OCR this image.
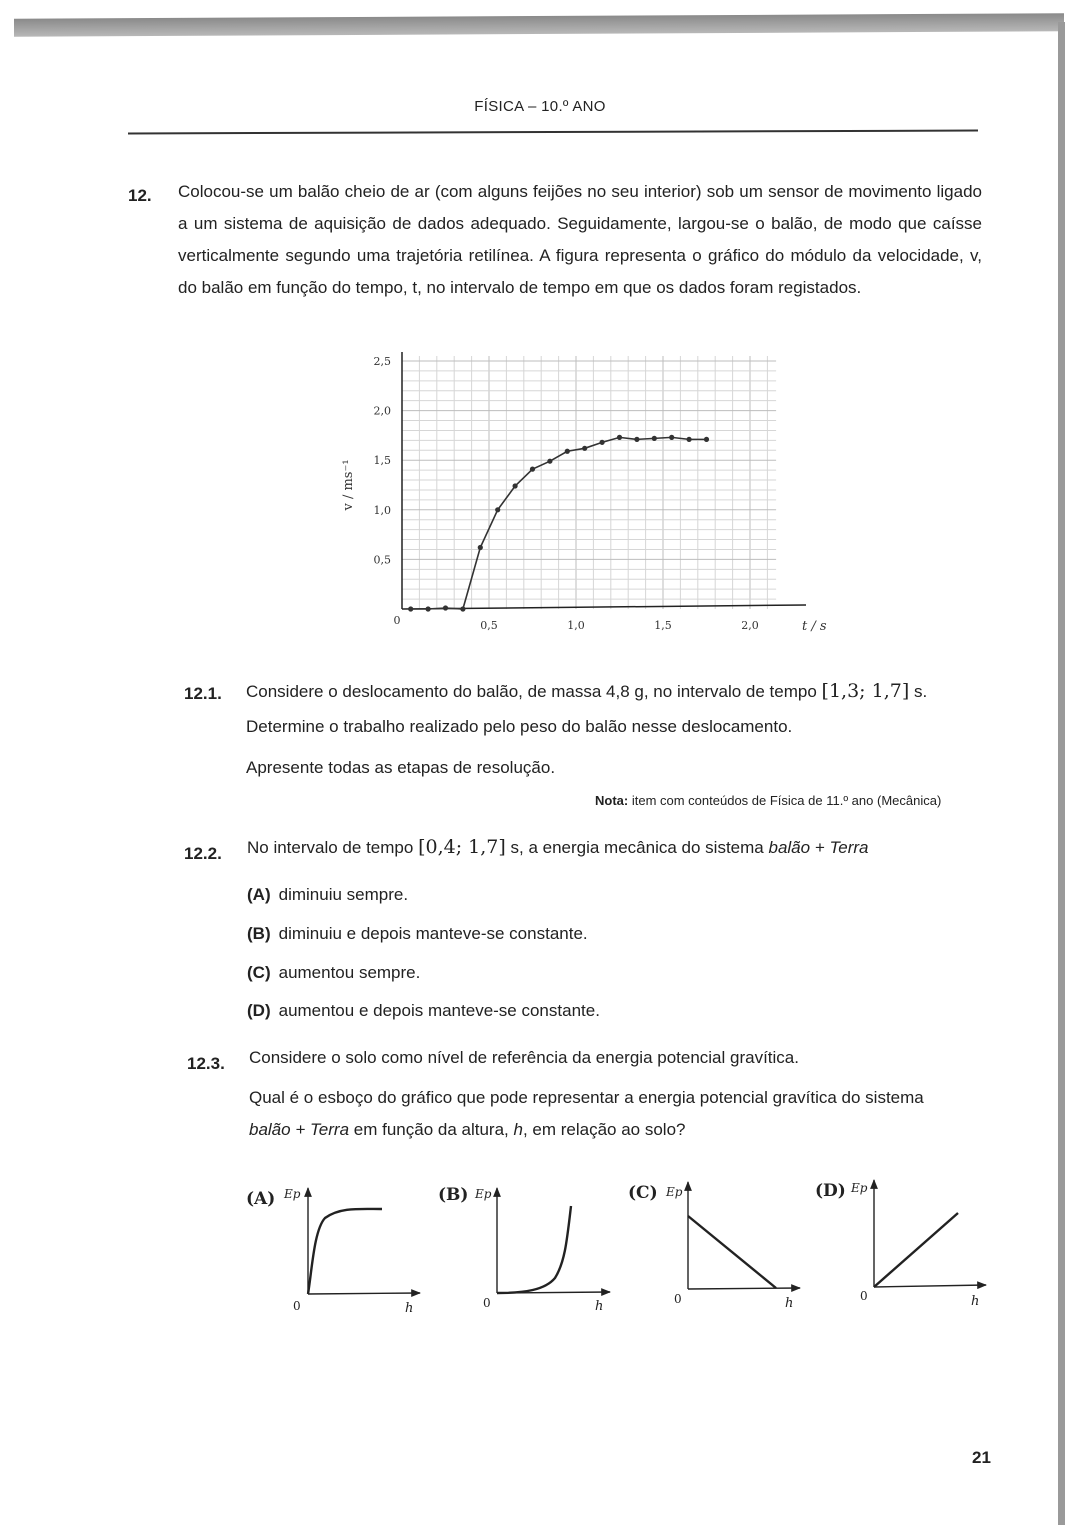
FÍSICA – 10.º ANO
12. Colocou-se um balão cheio de ar (com alguns feijões no seu interior) sob um sensor de movimento ligado a um sistema de aquisição de dados adequado. Seguidamente, largou-se o balão, de modo que caísse verticalmente segundo uma trajetória retilínea. A figura representa o gráfico do módulo da velocidade, v, do balão em função do tempo, t, no intervalo de tempo em que os dados foram registados.
0,5	1,0	1,5	2,0
0,5
1,0
1,5
2,0
2,5
0	t / s
v / ms⁻¹
12.1. Considere o deslocamento do balão, de massa 4,8 g, no intervalo de tempo [1,3; 1,7] s.
Determine o trabalho realizado pelo peso do balão nesse deslocamento.
Apresente todas as etapas de resolução.
Nota: item com conteúdos de Física de 11.º ano (Mecânica)
12.2. No intervalo de tempo [0,4; 1,7] s, a energia mecânica do sistema balão + Terra
(A) diminuiu sempre.
(B) diminuiu e depois manteve-se constante.
(C) aumentou sempre.
(D) aumentou e depois manteve-se constante.
12.3. Considere o solo como nível de referência da energia potencial gravítica.
Qual é o esboço do gráfico que pode representar a energia potencial gravítica do sistema
balão + Terra em função da altura, h, em relação ao solo?
(A) Ep
0	h
(B) Ep
0	h
(C) Ep
0	h
(D) Ep
0	h
21
